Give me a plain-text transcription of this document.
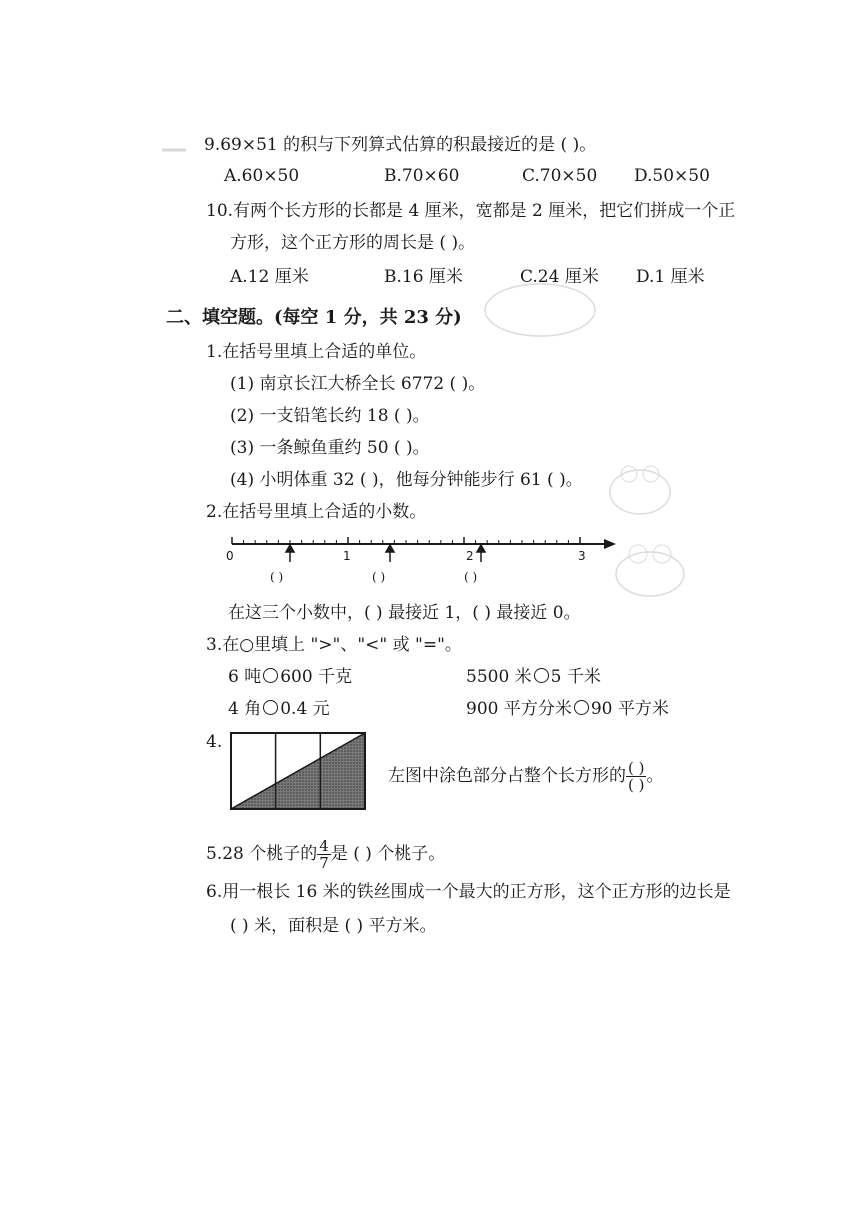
9.69×51 的积与下列算式估算的积最接近的是 ( )。
A.60×50	B.70×60	C.70×50 D.50×50
10.有两个长方形的长都是 4 厘米，宽都是 2 厘米，把它们拼成一个正
方形，这个正方形的周长是 ( )。
A.12 厘米	B.16 厘米	C.24 厘米 D.1 厘米
二、填空题。(每空 1 分，共 23 分)
1.在括号里填上合适的单位。
(1) 南京长江大桥全长 6772 ( )。
(2) 一支铅笔长约 18 ( )。
(3) 一条鲸鱼重约 50 ( )。
(4) 小明体重 32 ( )，他每分钟能步行 61 ( )。
2.在括号里填上合适的小数。
0	1	2	3
( )	( )	( )
在这三个小数中，( ) 最接近 1，( ) 最接近 0。
3.在○里填上 ">"、"<" 或 "="。
6 吨 600 千克	5500 米 5 千米
4 角 0.4 元	900 平方分米 90 平方米
4.
左图中涂色部分占整个长方形的 $\frac{( )}{( )}$ 。
5.28 个桃子的 $\frac{4}{7}$ 是 ( ) 个桃子。
6.用一根长 16 米的铁丝围成一个最大的正方形，这个正方形的边长是
( ) 米，面积是 ( ) 平方米。
